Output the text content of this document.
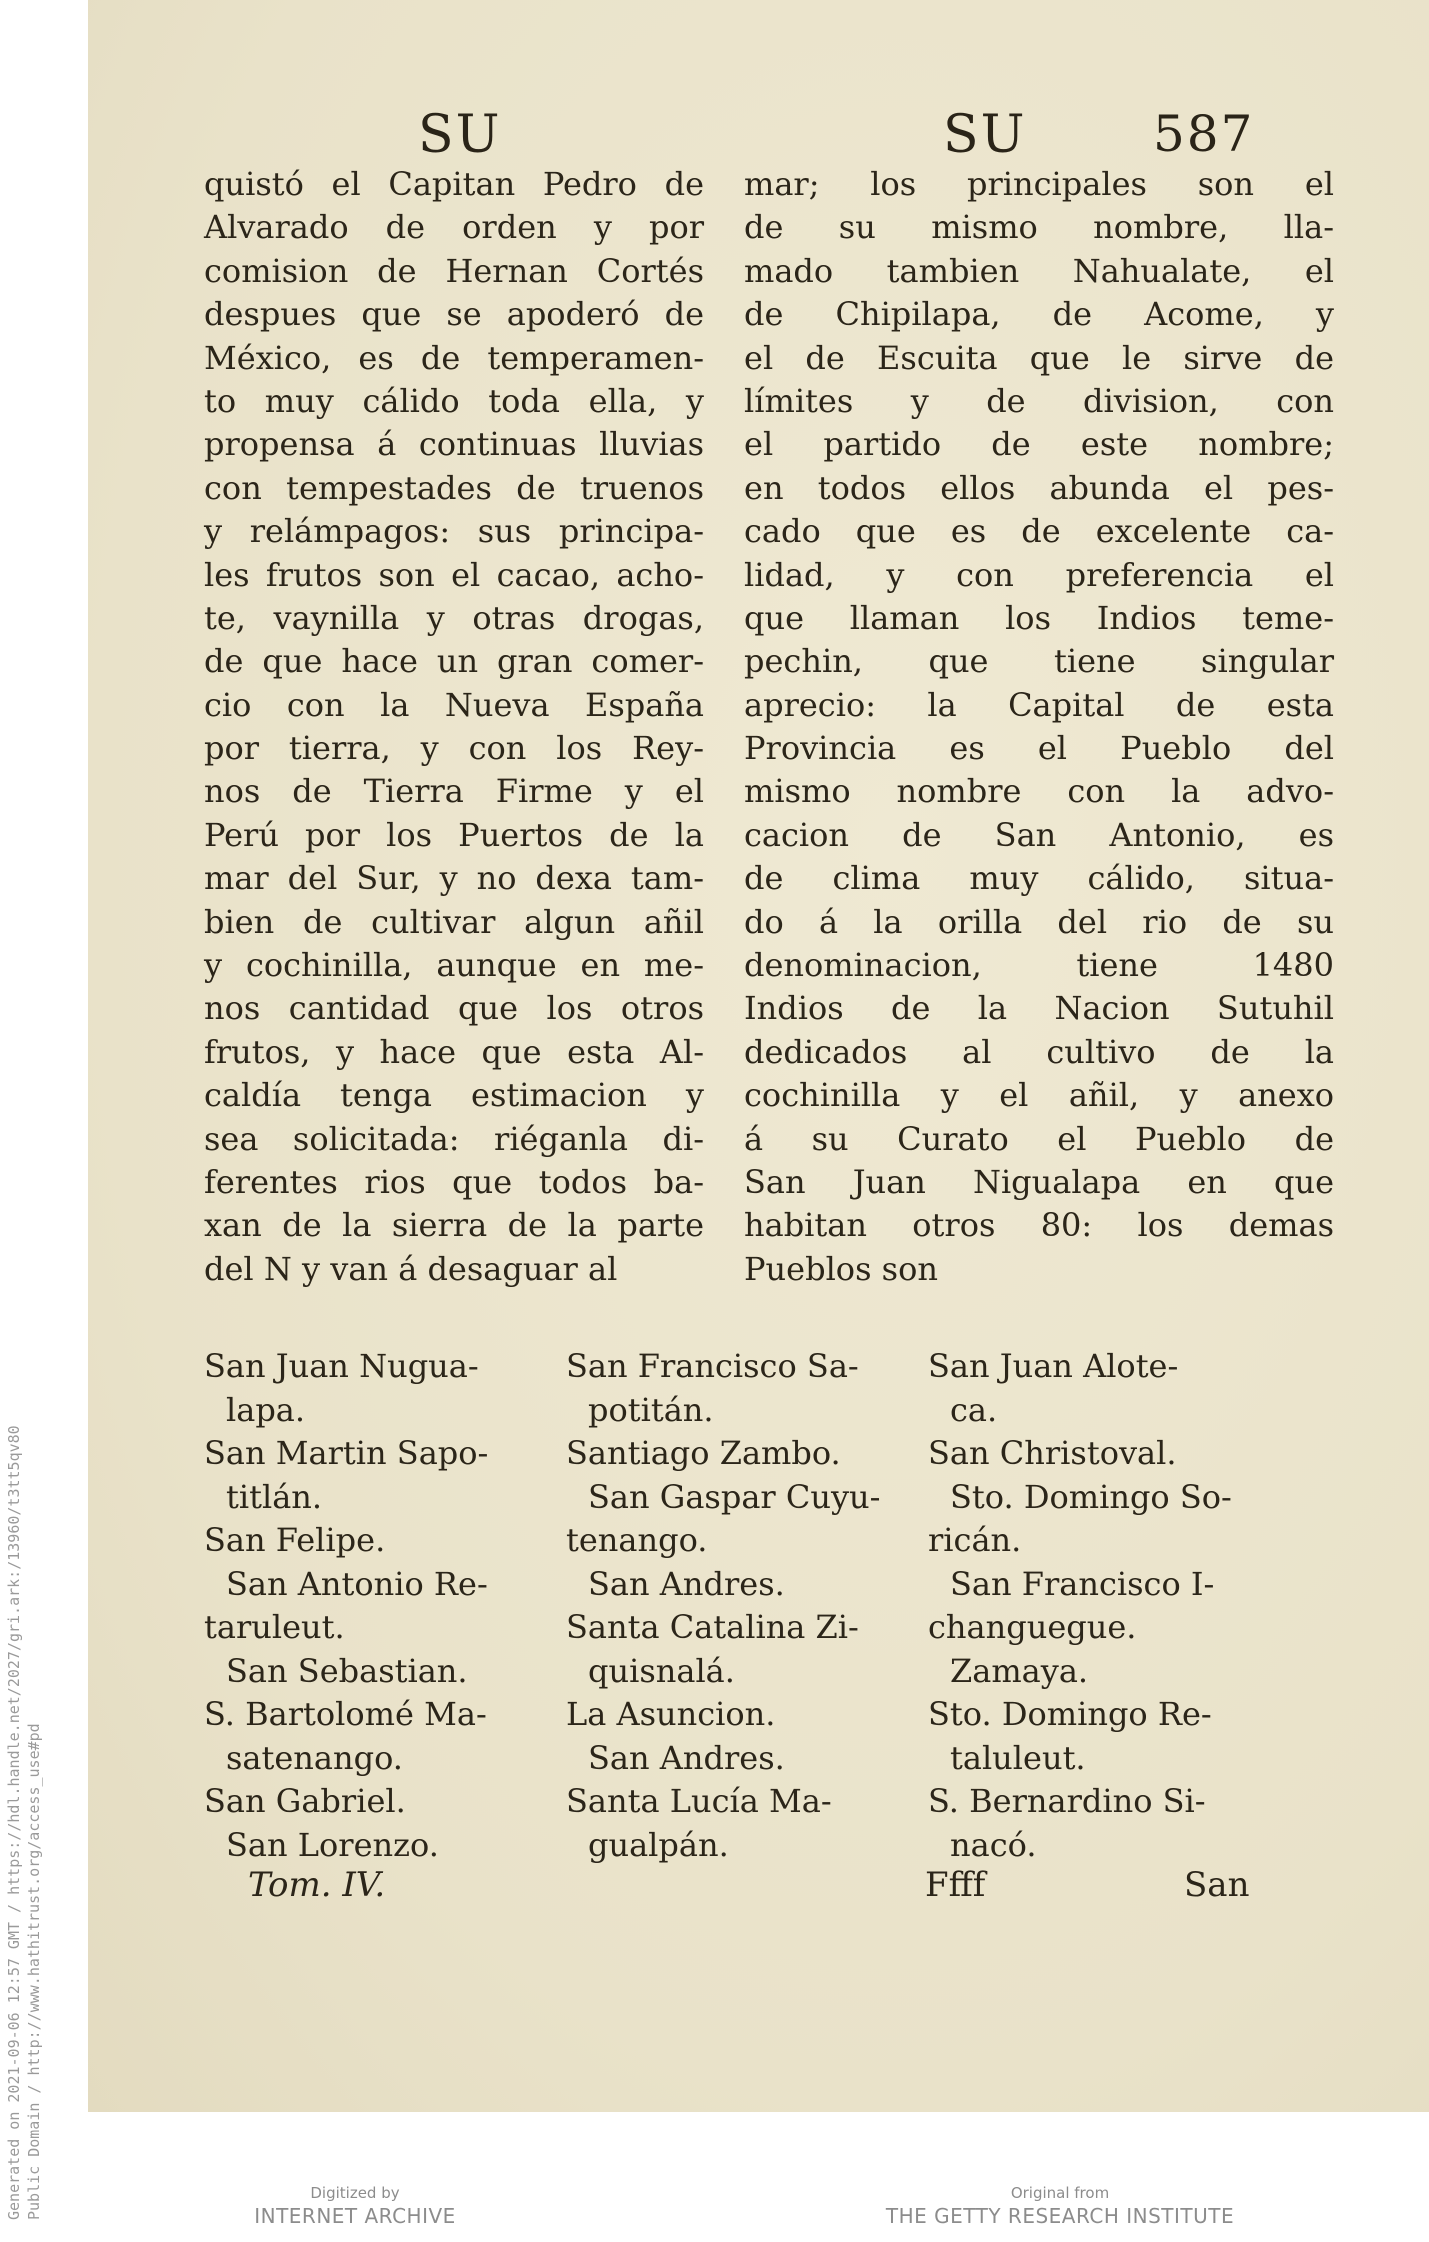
SU	SU	587
quistó el Capitan Pedro de
Alvarado de orden y por
comision de Hernan Cortés
despues que se apoderó de
México, es de temperamen-
to muy cálido toda ella, y
propensa á continuas lluvias
con tempestades de truenos
y relámpagos: sus principa-
les frutos son el cacao, acho-
te, vaynilla y otras drogas,
de que hace un gran comer-
cio con la Nueva España
por tierra, y con los Rey-
nos de Tierra Firme y el
Perú por los Puertos de la
mar del Sur, y no dexa tam-
bien de cultivar algun añil
y cochinilla, aunque en me-
nos cantidad que los otros
frutos, y hace que esta Al-
caldía tenga estimacion y
sea solicitada: riéganla di-
ferentes rios que todos ba-
xan de la sierra de la parte
del N y van á desaguar al
mar; los principales son el
de su mismo nombre, lla-
mado tambien Nahualate, el
de Chipilapa, de Acome, y
el de Escuita que le sirve de
límites y de division, con
el partido de este nombre;
en todos ellos abunda el pes-
cado que es de excelente ca-
lidad, y con preferencia el
que llaman los Indios teme-
pechin, que tiene singular
aprecio: la Capital de esta
Provincia es el Pueblo del
mismo nombre con la advo-
cacion de San Antonio, es
de clima muy cálido, situa-
do á la orilla del rio de su
denominacion, tiene 1480
Indios de la Nacion Sutuhil
dedicados al cultivo de la
cochinilla y el añil, y anexo
á su Curato el Pueblo de
San Juan Nigualapa en que
habitan otros 80: los demas
Pueblos son
San Juan Nugua-
lapa.
San Martin Sapo-
titlán.
San Felipe.
San Antonio Re-
taruleut.
San Sebastian.
S. Bartolomé Ma-
satenango.
San Gabriel.
San Lorenzo.
San Francisco Sa-
potitán.
Santiago Zambo.
San Gaspar Cuyu-
tenango.
San Andres.
Santa Catalina Zi-
quisnalá.
La Asuncion.
San Andres.
Santa Lucía Ma-
gualpán.
San Juan Alote-
ca.
San Christoval.
Sto. Domingo So-
ricán.
San Francisco I-
changuegue.
Zamaya.
Sto. Domingo Re-
taluleut.
S. Bernardino Si-
nacó.
Tom. IV.	Ffff	San
Generated on 2021-09-06 12:57 GMT / https://hdl.handle.net/2027/gri.ark:/13960/t3tt5qv80 Public Domain / http://www.hathitrust.org/access_use#pd	Digitized by
INTERNET ARCHIVE
Original from
THE GETTY RESEARCH INSTITUTE
